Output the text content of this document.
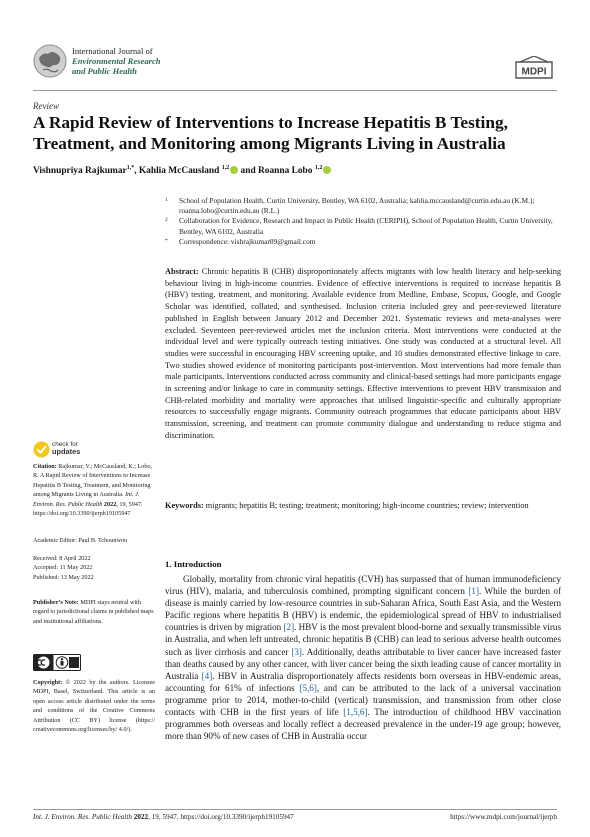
International Journal of
Environmental Research
and Public Health	MDPI
Review
A Rapid Review of Interventions to Increase Hepatitis B Testing, Treatment, and Monitoring among Migrants Living in Australia
Vishnupriya Rajkumar$^{1,*}$, Kahlia McCausland $^{1,2}$ and Roanna Lobo $^{1,2}$
1 School of Population Health, Curtin University, Bentley, WA 6102, Australia; kahlia.mccausland@curtin.edu.au (K.M.); roanna.lobo@curtin.edu.au (R.L.)
2 Collaboration for Evidence, Research and Impact in Public Health (CERIPH), School of Population Health, Curtin University, Bentley, WA 6102, Australia
* Correspondence: vishrajkumar89@gmail.com
Abstract: Chronic hepatitis B (CHB) disproportionately affects migrants with low health literacy and help-seeking behaviour living in high-income countries. Evidence of effective interventions is required to increase hepatitis B (HBV) testing, treatment, and monitoring. Available evidence from Medline, Embase, Scopus, Google, and Google Scholar was identified, collated, and synthesised. Inclusion criteria included grey and peer-reviewed literature published in English between January 2012 and December 2021. Systematic reviews and meta-analyses were excluded. Seventeen peer-reviewed articles met the inclusion criteria. Most interventions were conducted at the individual level and were typically outreach testing initiatives. One study was conducted at a structural level. All studies were successful in encouraging HBV screening uptake, and 10 studies demonstrated effective linkage to care. Two studies showed evidence of monitoring participants post-intervention. Most interventions had more female than male participants. Interventions conducted across community and clinical-based settings had more participants engage in screening and/or linkage to care in community settings. Effective interventions to prevent HBV transmission and CHB-related morbidity and mortality were approaches that utilised linguistic-specific and culturally appropriate resources to successfully engage migrants. Community outreach programmes that educate participants about HBV transmission, screening, and treatment can promote community dialogue and understanding to reduce stigma and discrimination.
Keywords: migrants; hepatitis B; testing; treatment; monitoring; high-income countries; review; intervention
1. Introduction
Globally, mortality from chronic viral hepatitis (CVH) has surpassed that of human immunodeficiency virus (HIV), malaria, and tuberculosis combined, prompting significant concern [1]. While the burden of disease is mainly carried by low-resource countries in sub-Saharan Africa, South East Asia, and the Western Pacific regions where hepatitis B (HBV) is endemic, the epidemiological spread of HBV to industrialised countries is driven by migration [2]. HBV is the most prevalent blood-borne and sexually transmissible virus in Australia, and when left untreated, chronic hepatitis B (CHB) can lead to serious adverse health outcomes such as liver cirrhosis and cancer [3]. Additionally, deaths attributable to liver cancer have increased faster than deaths caused by any other cancer, with liver cancer being the sixth leading cause of cancer mortality in Australia [4]. HBV in Australia disproportionately affects residents born overseas in HBV-endemic areas, accounting for 61% of infections [5,6], and can be attributed to the lack of a universal vaccination programme prior to 2014, mother-to-child (vertical) transmission, and transmission from other close contacts with CHB in the first years of life [1,5,6]. The introduction of childhood HBV vaccination programmes both overseas and locally reflect a decreased prevalence in the under-19 age group; however, more than 90% of new cases of CHB in Australia occur
check for
updates
Citation: Rajkumar, V.; McCausland, K.; Lobo, R. A Rapid Review of Interventions to Increase Hepatitis B Testing, Treatment, and Monitoring among Migrants Living in Australia. Int. J. Environ. Res. Public Health 2022, 19, 5947. https://doi.org/10.3390/ijerph19105947
Academic Editor: Paul B. Tchounwou
Received: 8 April 2022
Accepted: 11 May 2022
Published: 13 May 2022
Publisher’s Note: MDPI stays neutral with regard to jurisdictional claims in published maps and institutional affiliations.
Copyright: © 2022 by the authors. Licensee MDPI, Basel, Switzerland. This article is an open access article distributed under the terms and conditions of the Creative Commons Attribution (CC BY) license (https:// creativecommons.org/licenses/by/ 4.0/).
Int. J. Environ. Res. Public Health 2022, 19, 5947. https://doi.org/10.3390/ijerph19105947	https://www.mdpi.com/journal/ijerph
